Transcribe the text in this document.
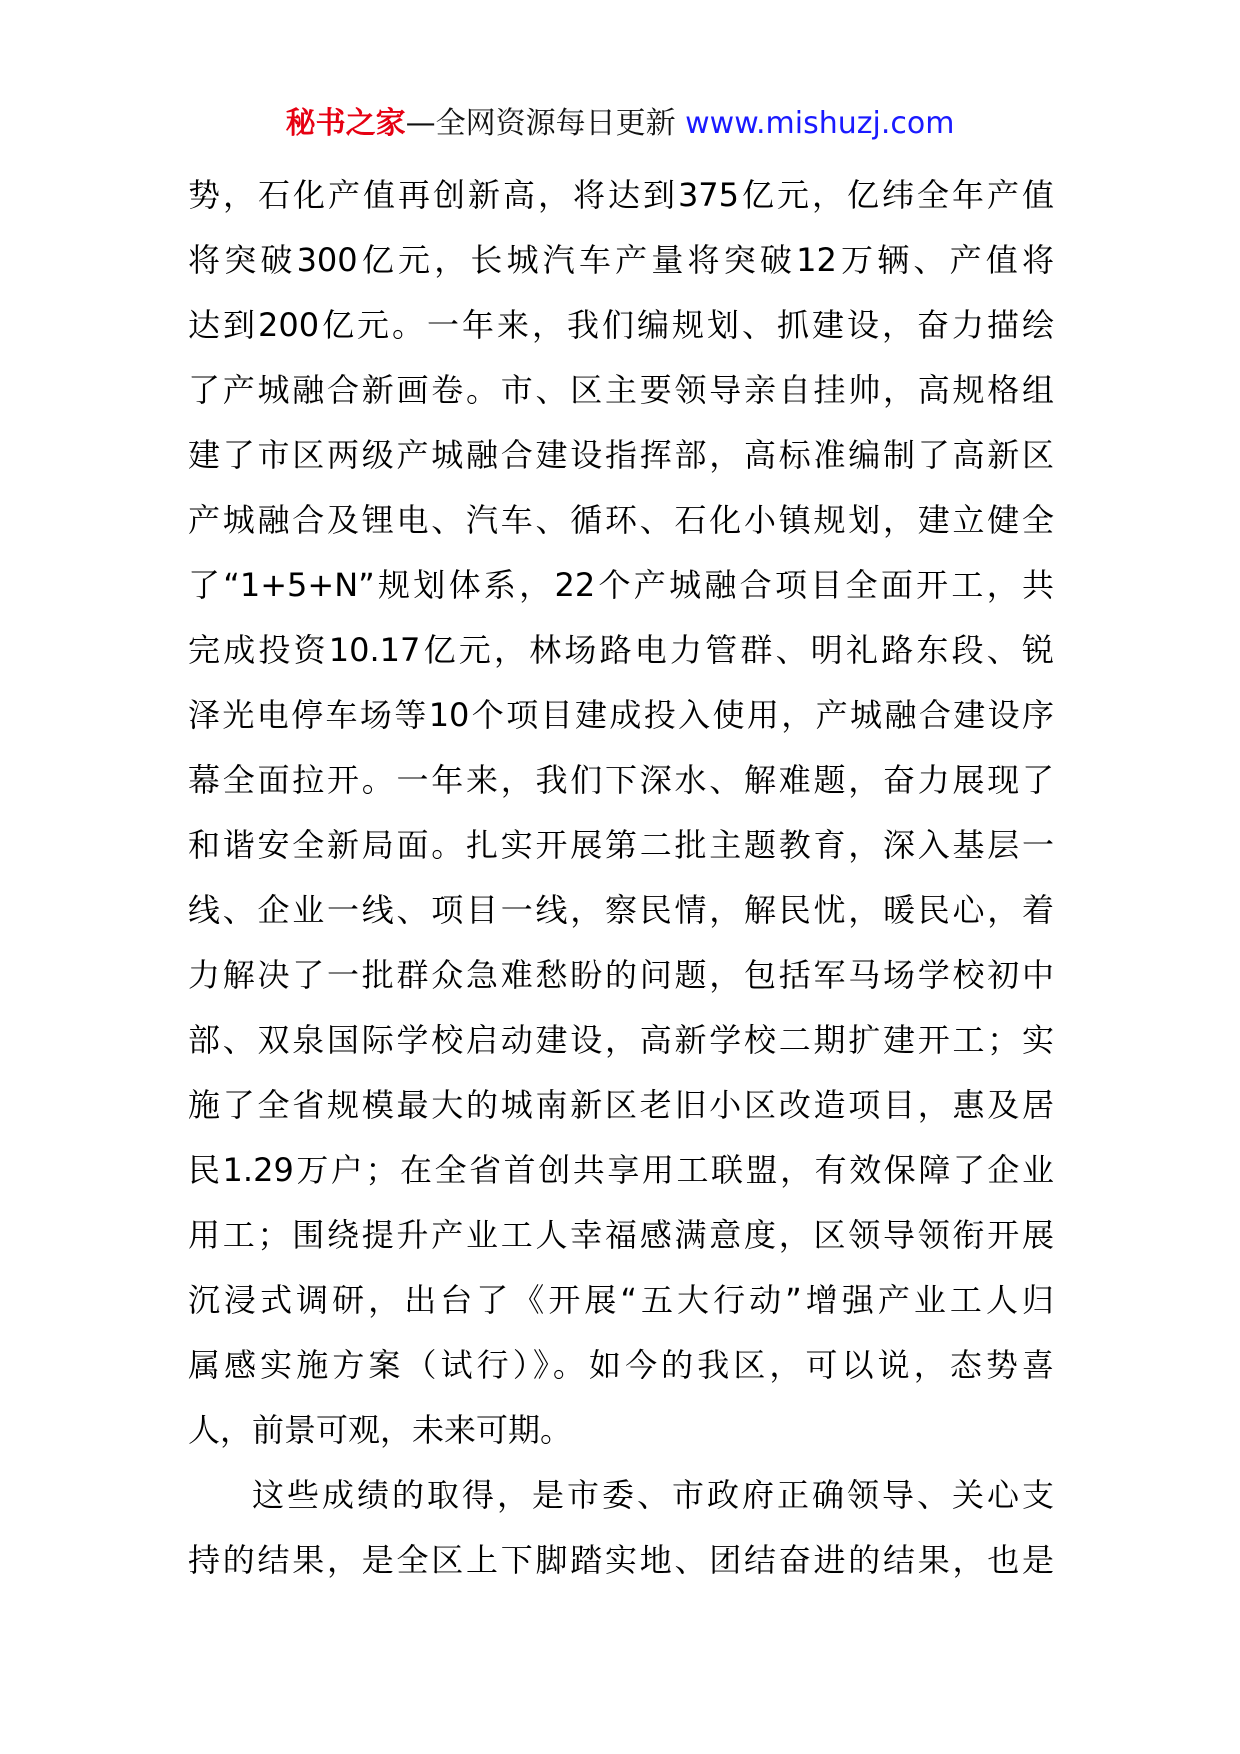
秘书之家—全网资源每日更新 www.mishuzj.com
势，石化产值再创新高，将达到375亿元，亿纬全年产值
将突破300亿元，长城汽车产量将突破12万辆、产值将
达到200亿元。一年来，我们编规划、抓建设，奋力描绘
了产城融合新画卷。市、区主要领导亲自挂帅，高规格组
建了市区两级产城融合建设指挥部，高标准编制了高新区
产城融合及锂电、汽车、循环、石化小镇规划，建立健全
了“1+5+N”规划体系，22个产城融合项目全面开工，共
完成投资10.17亿元，林场路电力管群、明礼路东段、锐
泽光电停车场等10个项目建成投入使用，产城融合建设序
幕全面拉开。一年来，我们下深水、解难题，奋力展现了
和谐安全新局面。扎实开展第二批主题教育，深入基层一
线、企业一线、项目一线，察民情，解民忧，暖民心，着
力解决了一批群众急难愁盼的问题，包括军马场学校初中
部、双泉国际学校启动建设，高新学校二期扩建开工；实
施了全省规模最大的城南新区老旧小区改造项目，惠及居
民1.29万户；在全省首创共享用工联盟，有效保障了企业
用工；围绕提升产业工人幸福感满意度，区领导领衔开展
沉浸式调研，出台了《开展“五大行动”增强产业工人归
属感实施方案（试行）》。如今的我区，可以说，态势喜
人，前景可观，未来可期。
这些成绩的取得，是市委、市政府正确领导、关心支
持的结果，是全区上下脚踏实地、团结奋进的结果，也是
